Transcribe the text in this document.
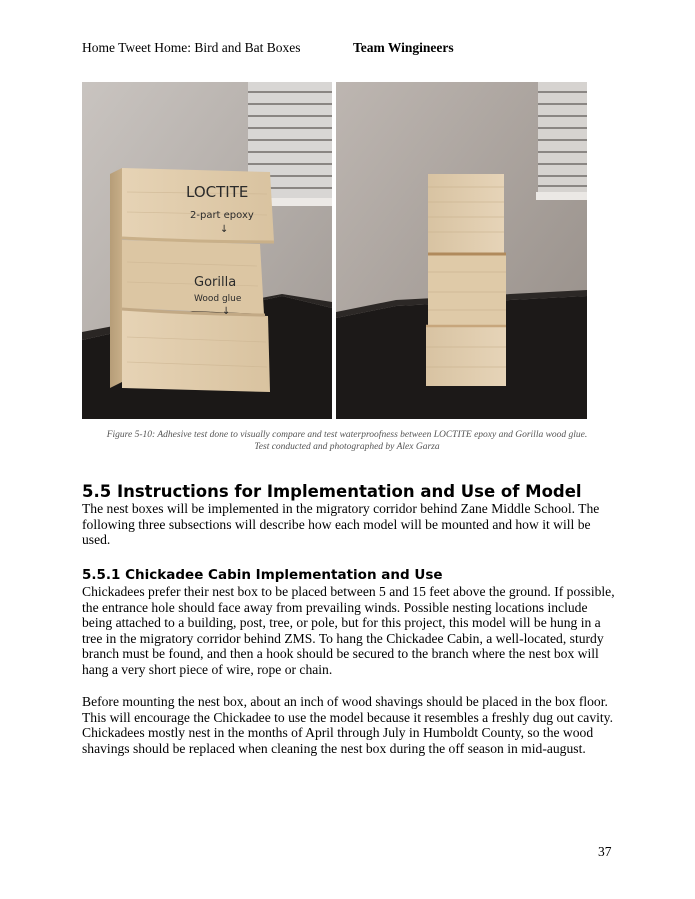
Home Tweet Home: Bird and Bat Boxes	Team Wingineers
LOCTITE
2-part epoxy
↓
Gorilla
Wood glue
↓
Figure 5-10: Adhesive test done to visually compare and test waterproofness between LOCTITE epoxy and Gorilla wood glue.
Test conducted and photographed by Alex Garza
5.5 Instructions for Implementation and Use of Model

The nest boxes will be implemented in the migratory corridor behind Zane Middle School. The following three subsections will describe how each model will be mounted and how it will be used.

5.5.1 Chickadee Cabin Implementation and Use

Chickadees prefer their nest box to be placed between 5 and 15 feet above the ground. If possible, the entrance hole should face away from prevailing winds. Possible nesting locations include being attached to a building, post, tree, or pole, but for this project, this model will be hung in a tree in the migratory corridor behind ZMS. To hang the Chickadee Cabin, a well-located, sturdy branch must be found, and then a hook should be secured to the branch where the nest box will hang a very short piece of wire, rope or chain.

Before mounting the nest box, about an inch of wood shavings should be placed in the box floor. This will encourage the Chickadee to use the model because it resembles a freshly dug out cavity. Chickadees mostly nest in the months of April through July in Humboldt County, so the wood shavings should be replaced when cleaning the nest box during the off season in mid-august.

37
